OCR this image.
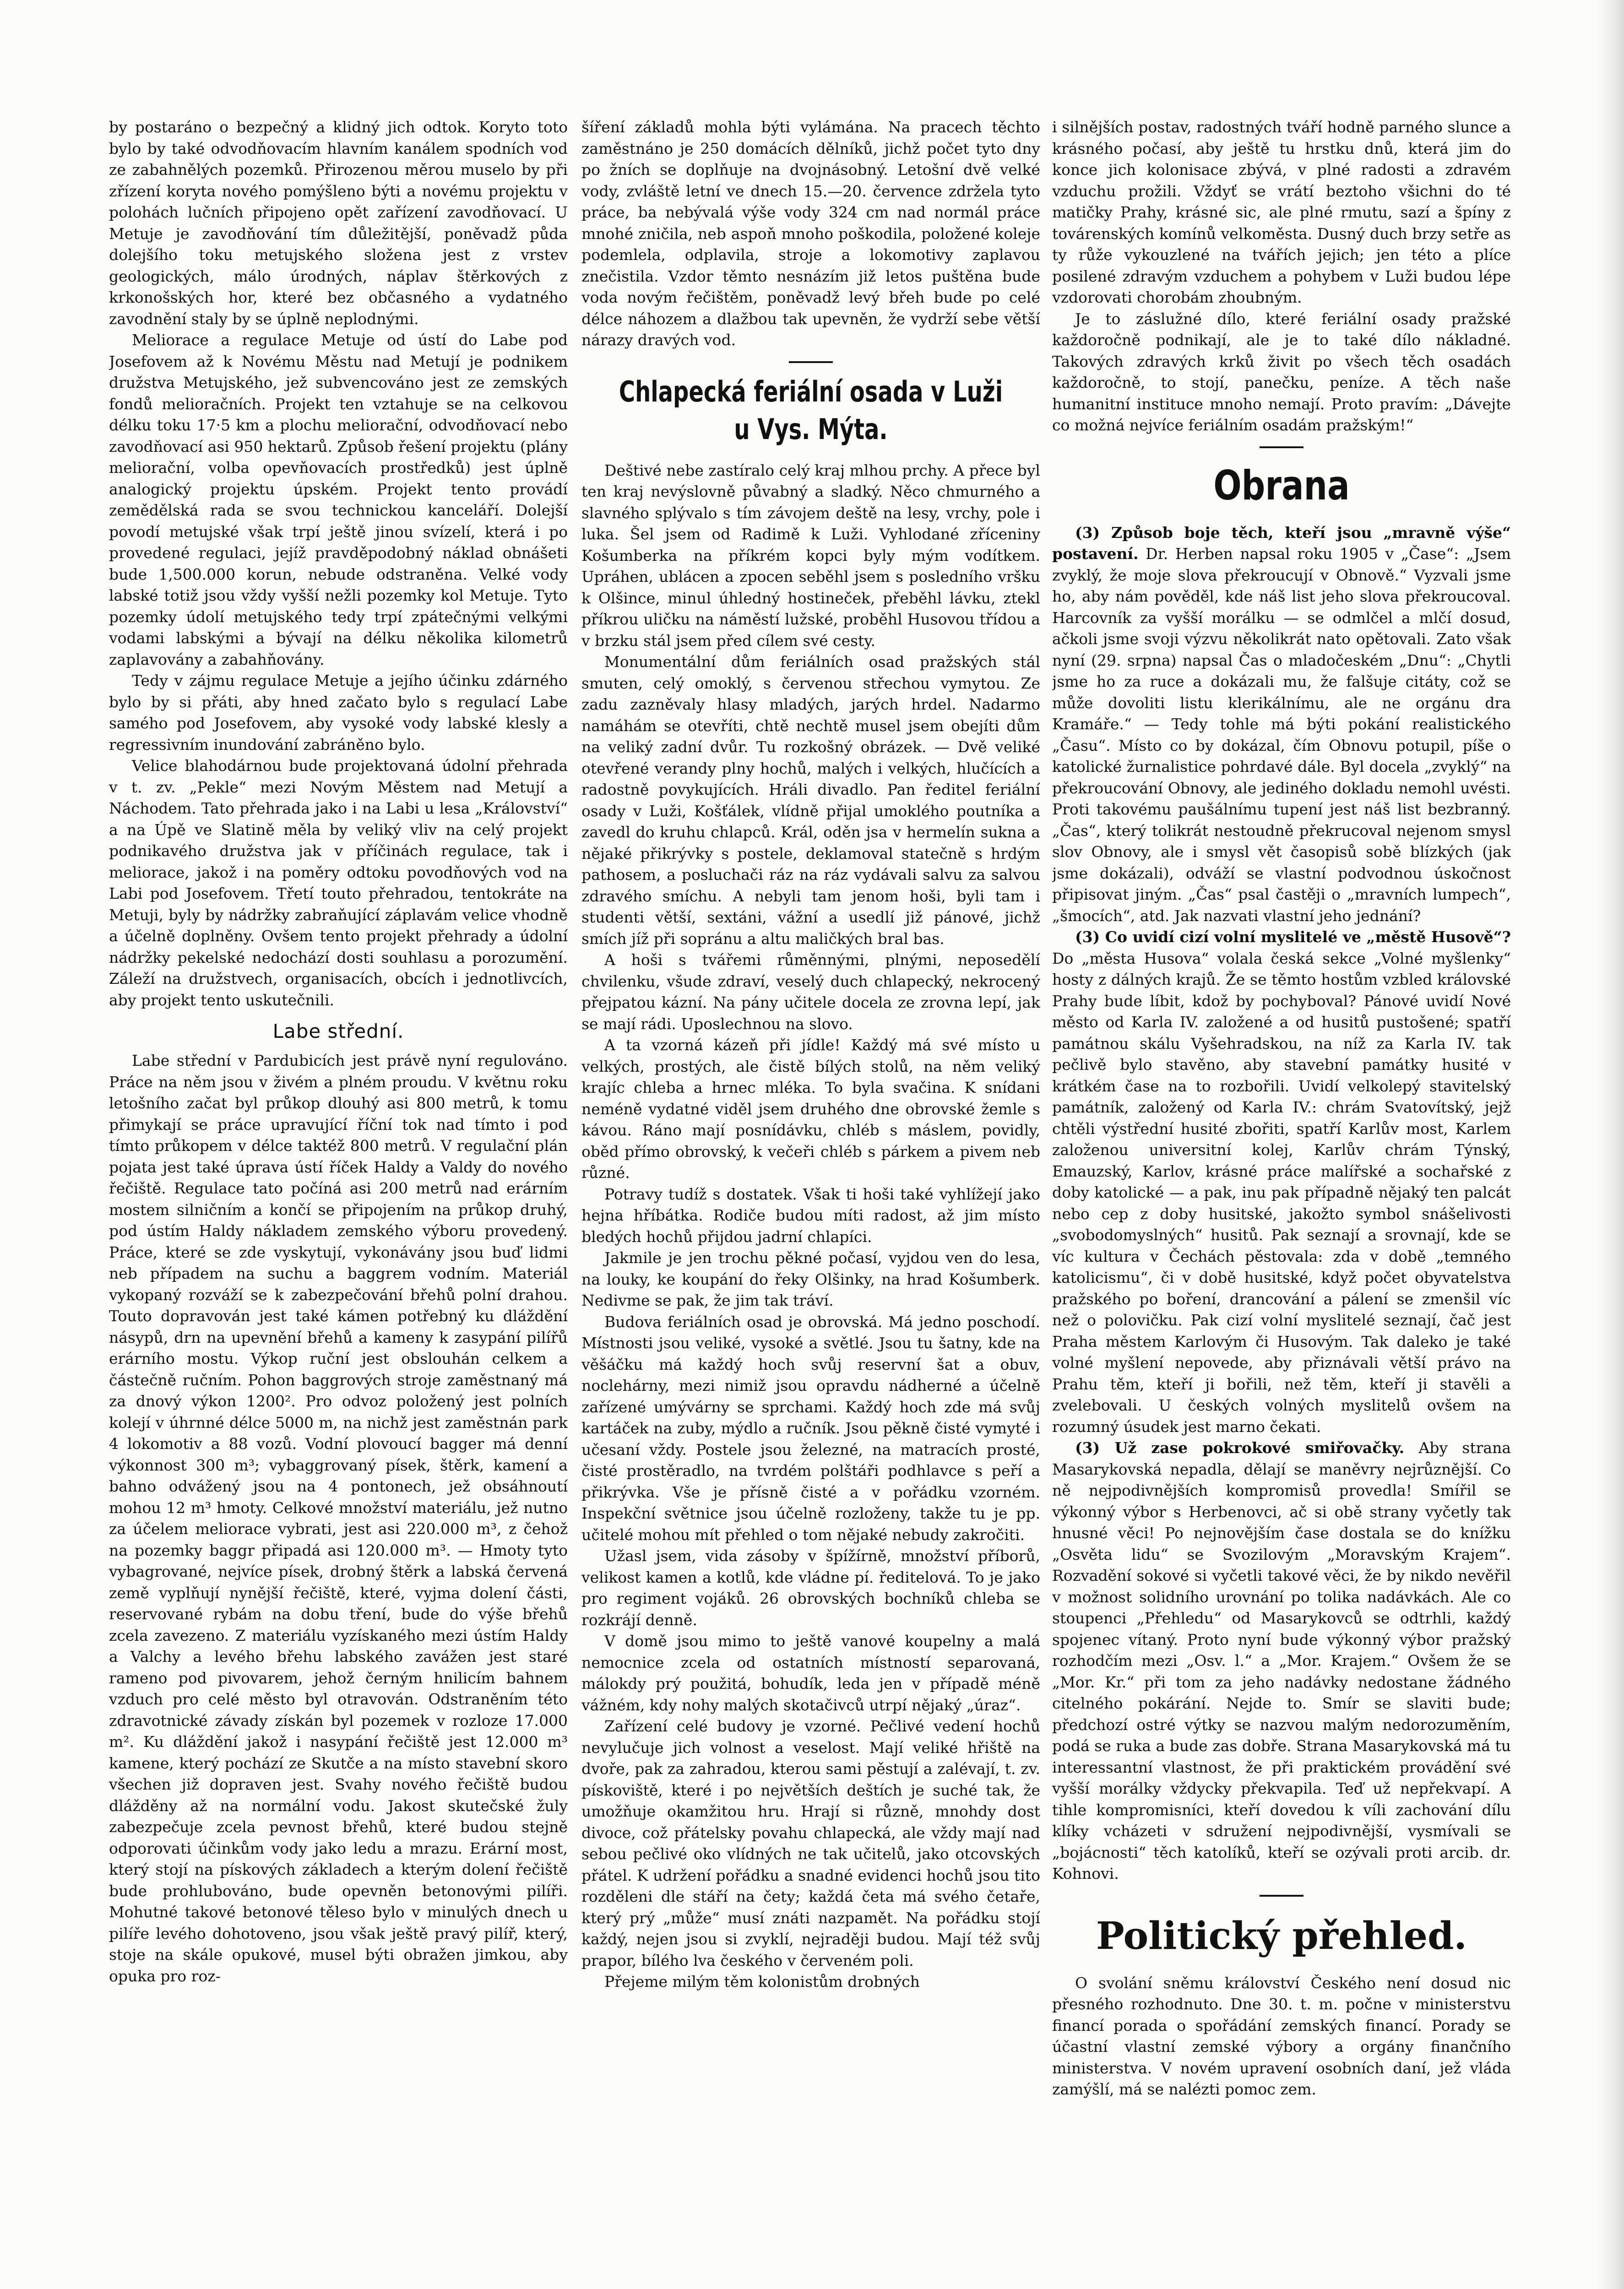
by postaráno o bezpečný a klidný jich odtok. Koryto toto bylo by také odvodňovacím hlavním kanálem spodních vod ze zabahnělých pozemků. Přirozenou měrou muselo by při zřízení koryta nového pomýšleno býti a novému projektu v polohách lučních připojeno opět zařízení zavodňovací. U Metuje je zavodňování tím důležitější, poněvadž půda dolejšího toku metujského složena jest z vrstev geologických, málo úrodných, náplav štěrkových z krkonošských hor, které bez občasného a vydatného zavodnění staly by se úplně neplodnými.

Meliorace a regulace Metuje od ústí do Labe pod Josefovem až k Novému Městu nad Metují je podnikem družstva Metujského, jež subvencováno jest ze zemských fondů melioračních. Projekt ten vztahuje se na celkovou délku toku 17·5 km a plochu meliorační, odvodňovací nebo zavodňovací asi 950 hektarů. Způsob řešení projektu (plány meliorační, volba opevňovacích prostředků) jest úplně analogický projektu úpském. Projekt tento provádí zemědělská rada se svou technickou kanceláří. Dolejší povodí metujské však trpí ještě jinou svízelí, která i po provedené regulaci, jejíž pravděpodobný náklad obnášeti bude 1,500.000 korun, nebude odstraněna. Velké vody labské totiž jsou vždy vyšší nežli pozemky kol Metuje. Tyto pozemky údolí metujského tedy trpí zpátečnými velkými vodami labskými a bývají na délku několika kilometrů zaplavovány a zabahňovány.

Tedy v zájmu regulace Metuje a jejího účinku zdárného bylo by si přáti, aby hned začato bylo s regulací Labe samého pod Josefovem, aby vysoké vody labské klesly a regressivním inundování zabráněno bylo.

Velice blahodárnou bude projektovaná údolní přehrada v t. zv. „Pekle“ mezi Novým Městem nad Metují a Náchodem. Tato přehrada jako i na Labi u lesa „Království“ a na Úpě ve Slatině měla by veliký vliv na celý projekt podnikavého družstva jak v příčinách regulace, tak i meliorace, jakož i na poměry odtoku povodňových vod na Labi pod Josefovem. Třetí touto přehradou, tentokráte na Metuji, byly by nádržky zabraňující záplavám velice vhodně a účelně doplněny. Ovšem tento projekt přehrady a údolní nádržky pekelské nedochází dosti souhlasu a porozumění. Záleží na družstvech, organisacích, obcích i jednotlivcích, aby projekt tento uskutečnili.

Labe střední.

Labe střední v Pardubicích jest právě nyní regulováno. Práce na něm jsou v živém a plném proudu. V květnu roku letošního začat byl průkop dlouhý asi 800 metrů, k tomu přimykají se práce upravující říční tok nad tímto i pod tímto průkopem v délce taktéž 800 metrů. V regulační plán pojata jest také úprava ústí říček Haldy a Valdy do nového řečiště. Regulace tato počíná asi 200 metrů nad erárním mostem silničním a končí se připojením na průkop druhý, pod ústím Haldy nákladem zemského výboru provedený. Práce, které se zde vyskytují, vykonávány jsou buď lidmi neb případem na suchu a baggrem vodním. Materiál vykopaný rozváží se k zabezpečování břehů polní drahou. Touto dopravován jest také kámen potřebný ku dláždění násypů, drn na upevnění břehů a kameny k zasypání pilířů erárního mostu. Výkop ruční jest obslouhán celkem a částečně ručním. Pohon baggrových stroje zaměstnaný má za dnový výkon 1200². Pro odvoz položený jest polních kolejí v úhrnné délce 5000 m, na nichž jest zaměstnán park 4 lokomotiv a 88 vozů. Vodní plovoucí bagger má denní výkonnost 300 m³; vybaggrovaný písek, štěrk, kamení a bahno odvážený jsou na 4 pontonech, jež obsáhnoutí mohou 12 m³ hmoty. Celkové množství materiálu, jež nutno za účelem meliorace vybrati, jest asi 220.000 m³, z čehož na pozemky baggr připadá asi 120.000 m³. — Hmoty tyto vybagrované, nejvíce písek, drobný štěrk a labská červená země vyplňují nynější řečiště, které, vyjma dolení části, reservované rybám na dobu tření, bude do výše břehů zcela zavezeno. Z materiálu vyzískaného mezi ústím Haldy a Valchy a levého břehu labského zavážen jest staré rameno pod pivovarem, jehož černým hnilicím bahnem vzduch pro celé město byl otravován. Odstraněním této zdravotnické závady získán byl pozemek v rozloze 17.000 m². Ku dláždění jakož i nasypání řečiště jest 12.000 m³ kamene, který pochází ze Skutče a na místo stavební skoro všechen již dopraven jest. Svahy nového řečiště budou dlážděny až na normální vodu. Jakost skutečské žuly zabezpečuje zcela pevnost břehů, které budou stejně odporovati účinkům vody jako ledu a mrazu. Erární most, který stojí na pískových základech a kterým dolení řečiště bude prohlubováno, bude opevněn betonovými pilíři. Mohutné takové betonové těleso bylo v minulých dnech u pilíře levého dohotoveno, jsou však ještě pravý pilíř, který, stoje na skále opukové, musel býti obražen jimkou, aby opuka pro roz-

šíření základů mohla býti vylámána. Na pracech těchto zaměstnáno je 250 domácích dělníků, jichž počet tyto dny po žních se doplňuje na dvojnásobný. Letošní dvě velké vody, zvláště letní ve dnech 15.—20. července zdržela tyto práce, ba nebývalá výše vody 324 cm nad normál práce mnohé zničila, neb aspoň mnoho poškodila, položené koleje podemlela, odplavila, stroje a lokomotivy zaplavou znečistila. Vzdor těmto nesnázím již letos puštěna bude voda novým řečištěm, poněvadž levý břeh bude po celé délce náhozem a dlažbou tak upevněn, že vydrží sebe větší nárazy dravých vod.

Chlapecká feriální osada v Luži u Vys. Mýta.

Deštivé nebe zastíralo celý kraj mlhou prchy. A přece byl ten kraj nevýslovně půvabný a sladký. Něco chmurného a slavného splývalo s tím závojem deště na lesy, vrchy, pole i luka. Šel jsem od Radimě k Luži. Vyhlodané zříceniny Košumberka na příkrém kopci byly mým vodítkem. Upráhen, ublácen a zpocen seběhl jsem s posledního vršku k Olšince, minul úhledný hostineček, přeběhl lávku, ztekl příkrou uličku na náměstí lužské, proběhl Husovou třídou a v brzku stál jsem před cílem své cesty.

Monumentální dům feriálních osad pražských stál smuten, celý omoklý, s červenou střechou vymytou. Ze zadu zazněvaly hlasy mladých, jarých hrdel. Nadarmo namáhám se otevříti, chtě nechtě musel jsem obejíti dům na veliký zadní dvůr. Tu rozkošný obrázek. — Dvě veliké otevřené verandy plny hochů, malých i velkých, hlučících a radostně povykujících. Hráli divadlo. Pan ředitel feriální osady v Luži, Košťálek, vlídně přijal umoklého poutníka a zavedl do kruhu chlapců. Král, oděn jsa v hermelín sukna a nějaké přikrývky s postele, deklamoval statečně s hrdým pathosem, a posluchači ráz na ráz vydávali salvu za salvou zdravého smíchu. A nebyli tam jenom hoši, byli tam i studenti větší, sextáni, vážní a usedlí již pánové, jichž smích jíž při sopránu a altu maličkých bral bas.

A hoši s tvářemi růměnnými, plnými, neposedělí chvilenku, všude zdraví, veselý duch chlapecký, nekrocený přejpatou kázní. Na pány učitele docela ze zrovna lepí, jak se mají rádi. Uposlechnou na slovo.

A ta vzorná kázeň při jídle! Každý má své místo u velkých, prostých, ale čistě bílých stolů, na něm veliký krajíc chleba a hrnec mléka. To byla svačina. K snídani neméně vydatné viděl jsem druhého dne obrovské žemle s kávou. Ráno mají posnídávku, chléb s máslem, povidly, oběd přímo obrovský, k večeři chléb s párkem a pivem neb různé.

Potravy tudíž s dostatek. Však ti hoši také vyhlížejí jako hejna hříbátka. Rodiče budou míti radost, až jim místo bledých hochů přijdou jadrní chlapíci.

Jakmile je jen trochu pěkné počasí, vyjdou ven do lesa, na louky, ke koupání do řeky Olšinky, na hrad Košumberk. Nedivme se pak, že jim tak tráví.

Budova feriálních osad je obrovská. Má jedno poschodí. Místnosti jsou veliké, vysoké a světlé. Jsou tu šatny, kde na věšáčku má každý hoch svůj reservní šat a obuv, noclehárny, mezi nimiž jsou opravdu nádherné a účelně zařízené umývárny se sprchami. Každý hoch zde má svůj kartáček na zuby, mýdlo a ručník. Jsou pěkně čisté vymyté i učesaní vždy. Postele jsou železné, na matracích prosté, čisté prostěradlo, na tvrdém polštáři podhlavce s peří a přikrývka. Vše je přísně čisté a v pořádku vzorném. Inspekční světnice jsou účelně rozloženy, takže tu je pp. učitelé mohou mít přehled o tom nějaké nebudy zakročiti.

Užasl jsem, vida zásoby v špížírně, množství příborů, velikost kamen a kotlů, kde vládne pí. ředitelová. To je jako pro regiment vojáků. 26 obrovských bochníků chleba se rozkrájí denně.

V domě jsou mimo to ještě vanové koupelny a malá nemocnice zcela od ostatních místností separovaná, málokdy prý použitá, bohudík, leda jen v případě méně vážném, kdy nohy malých skotačivců utrpí nějaký „úraz“.

Zařízení celé budovy je vzorné. Pečlivé vedení hochů nevylučuje jich volnost a veselost. Mají veliké hřiště na dvoře, pak za zahradou, kterou sami pěstují a zalévají, t. zv. pískoviště, které i po největších deštích je suché tak, že umožňuje okamžitou hru. Hrají si různě, mnohdy dost divoce, což přátelsky povahu chlapecká, ale vždy mají nad sebou pečlivé oko vlídných ne tak učitelů, jako otcovských přátel. K udržení pořádku a snadné evidenci hochů jsou tito rozděleni dle stáří na čety; každá četa má svého četaře, který prý „může“ musí znáti nazpamět. Na pořádku stojí každý, nejen jsou si zvyklí, nejraději budou. Mají též svůj prapor, bílého lva českého v červeném poli.

Přejeme milým těm kolonistům drobných

i silnějších postav, radostných tváří hodně parného slunce a krásného počasí, aby ještě tu hrstku dnů, která jim do konce jich kolonisace zbývá, v plné radosti a zdravém vzduchu prožili. Vždyť se vrátí beztoho všichni do té matičky Prahy, krásné sic, ale plné rmutu, sazí a špíny z továrenských komínů velkoměsta. Dusný duch brzy setře as ty růže vykouzlené na tvářích jejich; jen této a plíce posilené zdravým vzduchem a pohybem v Luži budou lépe vzdorovati chorobám zhoubným.

Je to záslužné dílo, které feriální osady pražské každoročně podnikají, ale je to také dílo nákladné. Takových zdravých krků živit po všech těch osadách každoročně, to stojí, panečku, peníze. A těch naše humanitní instituce mnoho nemají. Proto pravím: „Dávejte co možná nejvíce feriálním osadám pražským!“

Obrana

(3) Způsob boje těch, kteří jsou „mravně výše“ postavení. Dr. Herben napsal roku 1905 v „Čase“: „Jsem zvyklý, že moje slova překroucují v Obnově.“ Vyzvali jsme ho, aby nám pověděl, kde náš list jeho slova překroucoval. Harcovník za vyšší morálku — se odmlčel a mlčí dosud, ačkoli jsme svoji výzvu několikrát nato opětovali. Zato však nyní (29. srpna) napsal Čas o mladočeském „Dnu“: „Chytli jsme ho za ruce a dokázali mu, že falšuje citáty, což se může dovoliti listu klerikálnímu, ale ne orgánu dra Kramáře.“ — Tedy tohle má býti pokání realistického „Času“. Místo co by dokázal, čím Obnovu potupil, píše o katolické žurnalistice pohrdavé dále. Byl docela „zvyklý“ na překroucování Obnovy, ale jediného dokladu nemohl uvésti. Proti takovému paušálnímu tupení jest náš list bezbranný. „Čas“, který tolikrát nestoudně překrucoval nejenom smysl slov Obnovy, ale i smysl vět časopisů sobě blízkých (jak jsme dokázali), odváží se vlastní podvodnou úskočnost připisovat jiným. „Čas“ psal častěji o „mravních lumpech“, „šmocích“, atd. Jak nazvati vlastní jeho jednání?

(3) Co uvidí cizí volní myslitelé ve „městě Husově“? Do „města Husova“ volala česká sekce „Volné myšlenky“ hosty z dálných krajů. Že se těmto hostům vzbled královské Prahy bude líbit, kdož by pochyboval? Pánové uvidí Nové město od Karla IV. založené a od husitů pustošené; spatří památnou skálu Vyšehradskou, na níž za Karla IV. tak pečlivě bylo stavěno, aby stavební památky husité v krátkém čase na to rozbořili. Uvidí velkolepý stavitelský památník, založený od Karla IV.: chrám Svatovítský, jejž chtěli výstřední husité zbořiti, spatří Karlův most, Karlem založenou universitní kolej, Karlův chrám Týnský, Emauzský, Karlov, krásné práce malířské a sochařské z doby katolické — a pak, inu pak případně nějaký ten palcát nebo cep z doby husitské, jakožto symbol snášelivosti „svobodomyslných“ husitů. Pak seznají a srovnají, kde se víc kultura v Čechách pěstovala: zda v době „temného katolicismu“, či v době husitské, když počet obyvatelstva pražského po boření, drancování a pálení se zmenšil víc než o polovičku. Pak cizí volní myslitelé seznají, čač jest Praha městem Karlovým či Husovým. Tak daleko je také volné myšlení nepovede, aby přiznávali větší právo na Prahu těm, kteří ji bořili, než těm, kteří ji stavěli a zvelebovali. U českých volných myslitelů ovšem na rozumný úsudek jest marno čekati.

(3) Už zase pokrokové smiřovačky. Aby strana Masarykovská nepadla, dělají se maněvry nejrůznější. Co ně nejpodivnějších kompromisů provedla! Smířil se výkonný výbor s Herbenovci, ač si obě strany vyčetly tak hnusné věci! Po nejnovějším čase dostala se do knížku „Osvěta lidu“ se Svozilovým „Moravským Krajem“. Rozvadění sokové si vyčetli takové věci, že by nikdo nevěřil v možnost solidního urovnání po tolika nadávkách. Ale co stoupenci „Přehledu“ od Masarykovců se odtrhli, každý spojenec vítaný. Proto nyní bude výkonný výbor pražský rozhodčím mezi „Osv. l.“ a „Mor. Krajem.“ Ovšem že se „Mor. Kr.“ při tom za jeho nadávky nedostane žádného citelného pokárání. Nejde to. Smír se slaviti bude; předchozí ostré výtky se nazvou malým nedorozuměním, podá se ruka a bude zas dobře. Strana Masarykovská má tu interessantní vlastnost, že při praktickém provádění své vyšší morálky vždycky překvapila. Teď už nepřekvapí. A tihle kompromisníci, kteří dovedou k víli zachování dílu klíky vcházeti v sdružení nejpodivnější, vysmívali se „bojácnosti“ těch katolíků, kteří se ozývali proti arcib. dr. Kohnovi.

Politický přehled.

O svolání sněmu království Českého není dosud nic přesného rozhodnuto. Dne 30. t. m. počne v ministerstvu financí porada o spořádání zemských financí. Porady se účastní vlastní zemské výbory a orgány finančního ministerstva. V novém upravení osobních daní, jež vláda zamýšlí, má se nalézti pomoc zem.
